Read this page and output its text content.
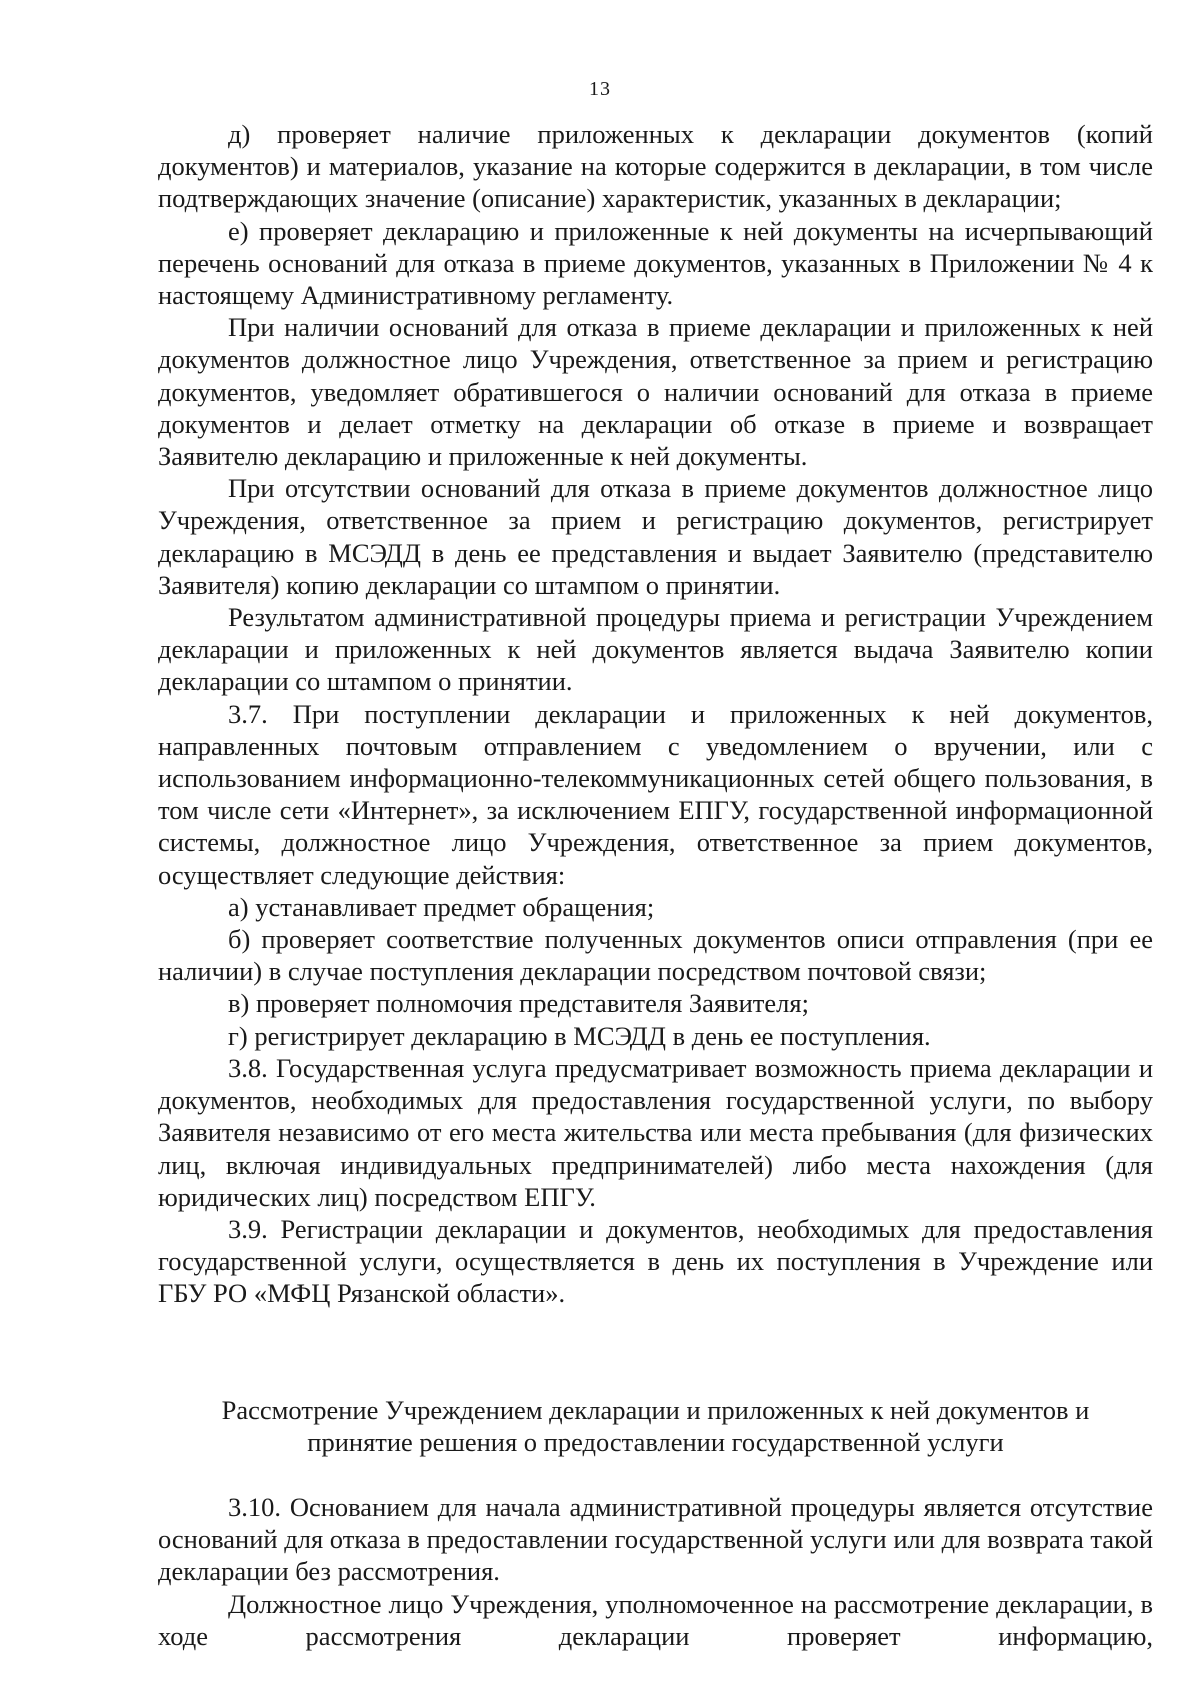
13

д) проверяет наличие приложенных к декларации документов (копий документов) и материалов, указание на которые содержится в декларации, в том числе подтверждающих значение (описание) характеристик, указанных в декларации;

е) проверяет декларацию и приложенные к ней документы на исчерпывающий перечень оснований для отказа в приеме документов, указанных в Приложении № 4 к настоящему Административному регламенту.

При наличии оснований для отказа в приеме декларации и приложенных к ней документов должностное лицо Учреждения, ответственное за прием и регистрацию документов, уведомляет обратившегося о наличии оснований для отказа в приеме документов и делает отметку на декларации об отказе в приеме и возвращает Заявителю декларацию и приложенные к ней документы.

При отсутствии оснований для отказа в приеме документов должностное лицо Учреждения, ответственное за прием и регистрацию документов, регистрирует декларацию в МСЭДД в день ее представления и выдает Заявителю (представителю Заявителя) копию декларации со штампом о принятии.

Результатом административной процедуры приема и регистрации Учреждением декларации и приложенных к ней документов является выдача Заявителю копии декларации со штампом о принятии.

3.7. При поступлении декларации и приложенных к ней документов, направленных почтовым отправлением с уведомлением о вручении, или с использованием информационно-телекоммуникационных сетей общего пользования, в том числе сети «Интернет», за исключением ЕПГУ, государственной информационной системы, должностное лицо Учреждения, ответственное за прием документов, осуществляет следующие действия:

а) устанавливает предмет обращения;

б) проверяет соответствие полученных документов описи отправления (при ее наличии) в случае поступления декларации посредством почтовой связи;

в) проверяет полномочия представителя Заявителя;

г) регистрирует декларацию в МСЭДД в день ее поступления.

3.8. Государственная услуга предусматривает возможность приема декларации и документов, необходимых для предоставления государственной услуги, по выбору Заявителя независимо от его места жительства или места пребывания (для физических лиц, включая индивидуальных предпринимателей) либо места нахождения (для юридических лиц) посредством ЕПГУ.

3.9. Регистрации декларации и документов, необходимых для предоставления государственной услуги, осуществляется в день их поступления в Учреждение или ГБУ РО «МФЦ Рязанской области».

Рассмотрение Учреждением декларации и приложенных к ней документов и

принятие решения о предоставлении государственной услуги

3.10. Основанием для начала административной процедуры является отсутствие оснований для отказа в предоставлении государственной услуги или для возврата такой декларации без рассмотрения.

Должностное лицо Учреждения, уполномоченное на рассмотрение декларации, в ходе рассмотрения декларации проверяет информацию,
